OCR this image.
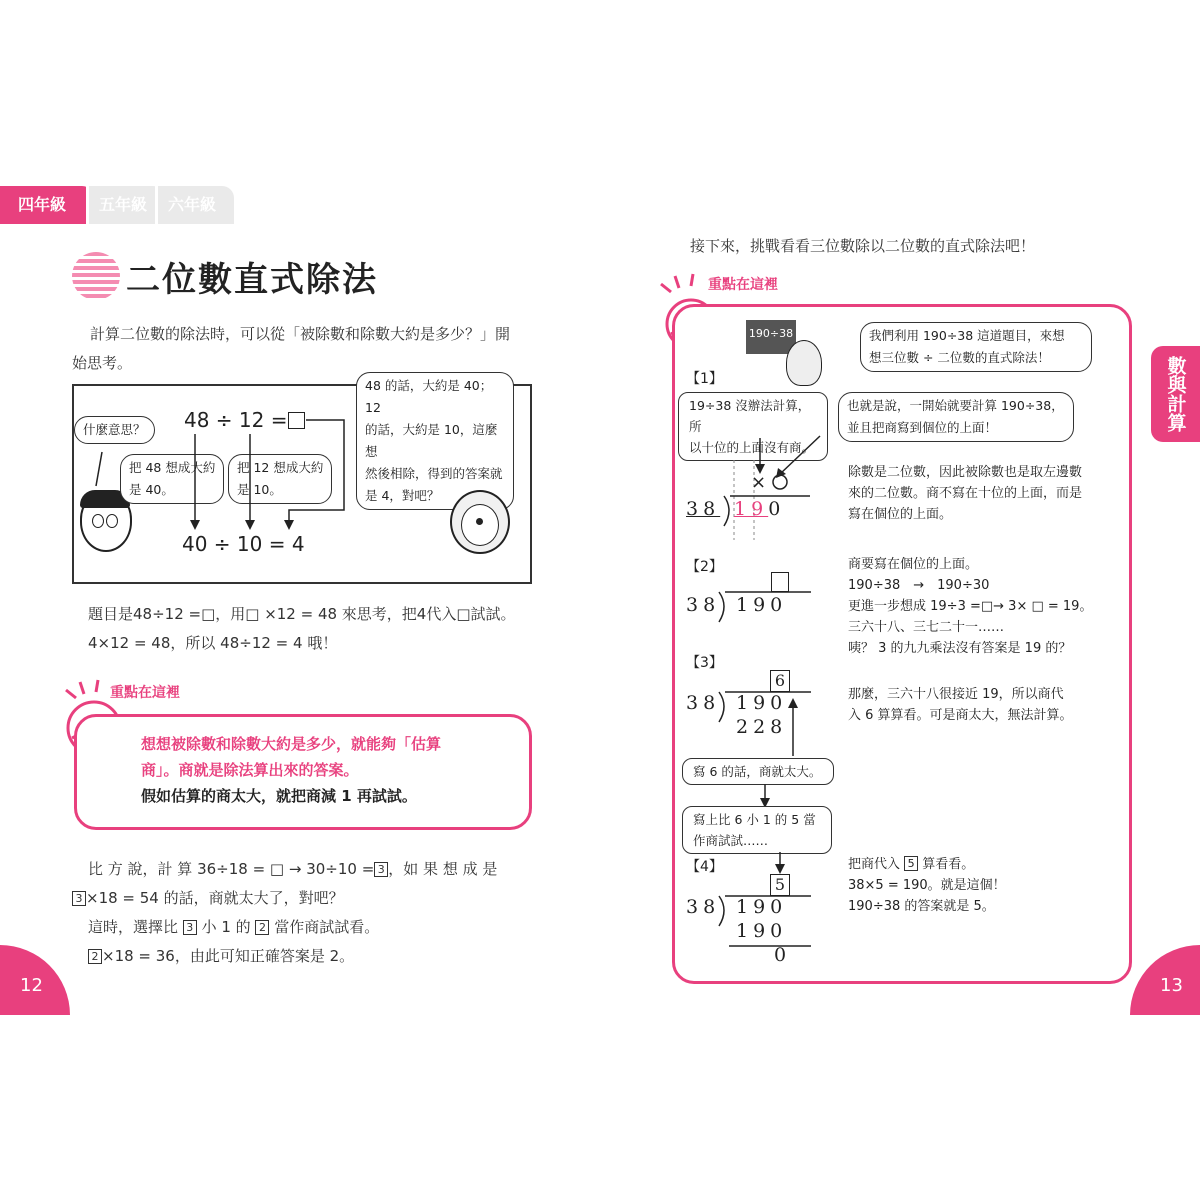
四年級	五年級	六年級
二位數直式除法
計算二位數的除法時，可以從「被除數和除數大約是多少？」開
始思考。
什麼意思？	48 ÷ 12 =
把 48 想成大約
是 40。
把 12 想成大約
是 10。
40 ÷ 10 = 4
48 的話，大約是 40；12
的話，大約是 10，這麼想
然後相除，得到的答案就
是 4，對吧？
題目是48÷12 =□，用□ ×12 = 48 來思考，把4代入□試試。
4×12 = 48，所以 48÷12 = 4 哦！
重點在這裡
想想被除數和除數大約是多少，就能夠「估算
商」。商就是除法算出來的答案。
假如估算的商太大，就把商減 1 再試試。
比 方 說，計 算 36÷18 = □ → 30÷10 = 3 ，如 果 想 成 是
3 ×18 = 54 的話，商就太大了，對吧？
這時，選擇比 3 小 1 的 2 當作商試試看。
2 ×18 = 36，由此可知正確答案是 2。
12
數與計算
接下來，挑戰看看三位數除以二位數的直式除法吧！
重點在這裡
190÷38	我們利用 190÷38 這道題目，來想
想三位數 ÷ 二位數的直式除法！
【1】
19÷38 沒辦法計算，所
以十位的上面沒有商。
也就是說，一開始就要計算 190÷38，
並且把商寫到個位的上面！
×
38 190
除數是二位數，因此被除數也是取左邊數
來的二位數。商不寫在十位的上面，而是
寫在個位的上面。
【2】
38 190
商要寫在個位的上面。
190÷38　→　190÷30
更進一步想成 19÷3 =□→ 3× □ = 19。
三六十八、三七二十一……
咦？ 3 的九九乘法沒有答案是 19 的？
【3】
6
38 190
228
那麼，三六十八很接近 19，所以商代
入 6 算算看。可是商太大，無法計算。
寫 6 的話，商就太大。
寫上比 6 小 1 的 5 當
作商試試……
【4】
5
38 190
190
0
把商代入 5 算看看。
38×5 = 190。就是這個！
190÷38 的答案就是 5。
13
